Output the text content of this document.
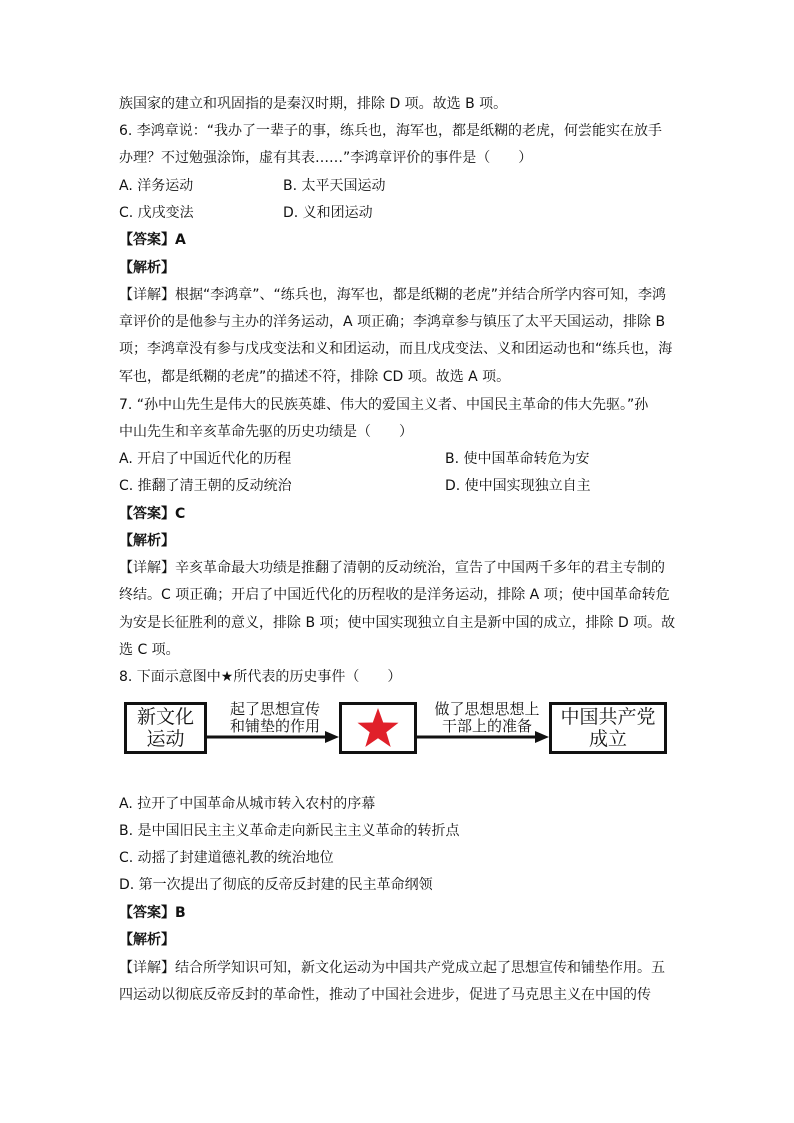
族国家的建立和巩固指的是秦汉时期，排除 D 项。故选 B 项。
6. 李鸿章说：“我办了一辈子的事，练兵也，海军也，都是纸糊的老虎，何尝能实在放手
办理？不过勉强涂饰，虚有其表……”李鸿章评价的事件是（　　）
A. 洋务运动	B. 太平天国运动
C. 戊戌变法	D. 义和团运动
【答案】A
【解析】
【详解】根据“李鸿章”、“练兵也，海军也，都是纸糊的老虎”并结合所学内容可知，李鸿
章评价的是他参与主办的洋务运动，A 项正确；李鸿章参与镇压了太平天国运动，排除 B
项；李鸿章没有参与戊戌变法和义和团运动，而且戊戌变法、义和团运动也和“练兵也，海
军也，都是纸糊的老虎”的描述不符，排除 CD 项。故选 A 项。
7. “孙中山先生是伟大的民族英雄、伟大的爱国主义者、中国民主革命的伟大先驱。”孙
中山先生和辛亥革命先驱的历史功绩是（　　）
A. 开启了中国近代化的历程	B. 使中国革命转危为安
C. 推翻了清王朝的反动统治	D. 使中国实现独立自主
【答案】C
【解析】
【详解】辛亥革命最大功绩是推翻了清朝的反动统治，宣告了中国两千多年的君主专制的
终结。C 项正确；开启了中国近代化的历程收的是洋务运动，排除 A 项；使中国革命转危
为安是长征胜利的意义，排除 B 项；使中国实现独立自主是新中国的成立，排除 D 项。故
选 C 项。
8. 下面示意图中★所代表的历史事件（　　）
新文化
运动
起了思想宣传
和铺垫的作用
做了思想思想上
干部上的准备	中国共产党
成立
A. 拉开了中国革命从城市转入农村的序幕
B. 是中国旧民主主义革命走向新民主主义革命的转折点
C. 动摇了封建道德礼教的统治地位
D. 第一次提出了彻底的反帝反封建的民主革命纲领
【答案】B
【解析】
【详解】结合所学知识可知，新文化运动为中国共产党成立起了思想宣传和铺垫作用。五
四运动以彻底反帝反封的革命性，推动了中国社会进步，促进了马克思主义在中国的传
